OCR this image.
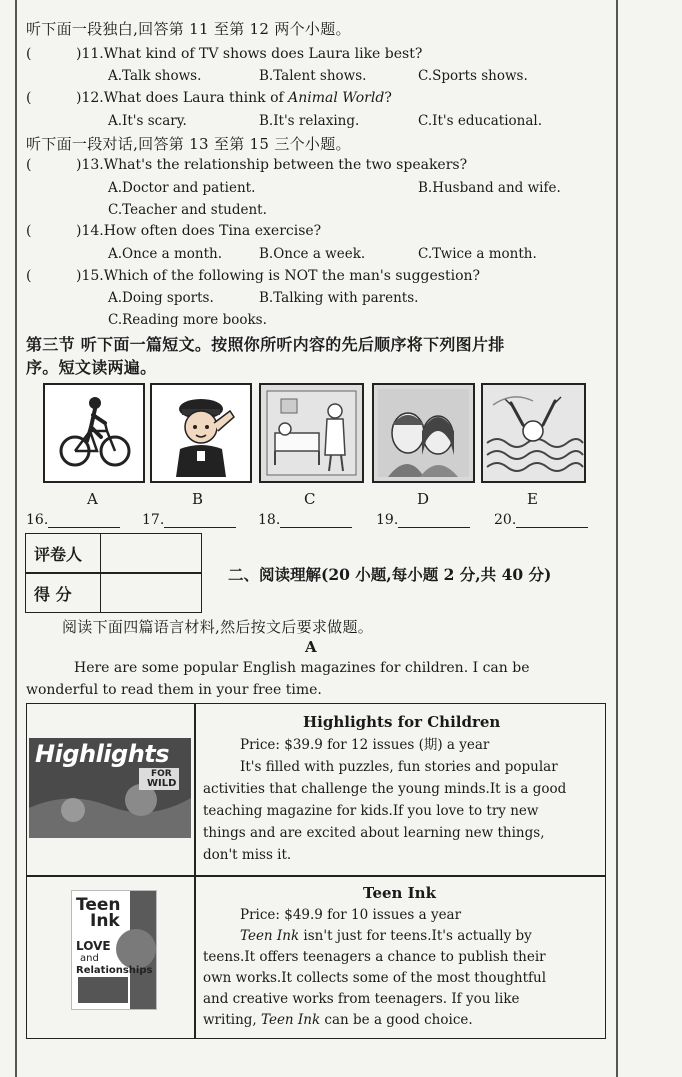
听下面一段独白,回答第 11 至第 12 两个小题。
(	)11.What kind of TV shows does Laura like best?
A.Talk shows.	B.Talent shows.	C.Sports shows.
(	)12.What does Laura think of Animal World?
A.It's scary.	B.It's relaxing.	C.It's educational.
听下面一段对话,回答第 13 至第 15 三个小题。
(	)13.What's the relationship between the two speakers?
A.Doctor and patient.	B.Husband and wife.
C.Teacher and student.
(	)14.How often does Tina exercise?
A.Once a month.	B.Once a week.	C.Twice a month.
(	)15.Which of the following is NOT the man's suggestion?
A.Doing sports.	B.Talking with parents.
C.Reading more books.
第三节 听下面一篇短文。按照你所听内容的先后顺序将下列图片排
序。短文读两遍。
A	B	C	D	E
16.	17.	18.	19.	20.
评卷人
得 分
二、阅读理解(20 小题,每小题 2 分,共 40 分)
阅读下面四篇语言材料,然后按文后要求做题。
A
Here are some popular English magazines for children. I can be
wonderful to read them in your free time.
Highlights
FOR
WILD
Highlights for Children
Price: $39.9 for 12 issues (期) a year
It's filled with puzzles, fun stories and popular
activities that challenge the young minds.It is a good
teaching magazine for kids.If you love to try new
things and are excited about learning new things,
don't miss it.
Teen
Ink
LOVE
and
Relationships
Teen Ink
Price: $49.9 for 10 issues a year
Teen Ink isn't just for teens.It's actually by
teens.It offers teenagers a chance to publish their
own works.It collects some of the most thoughtful
and creative works from teenagers. If you like
writing, Teen Ink can be a good choice.
